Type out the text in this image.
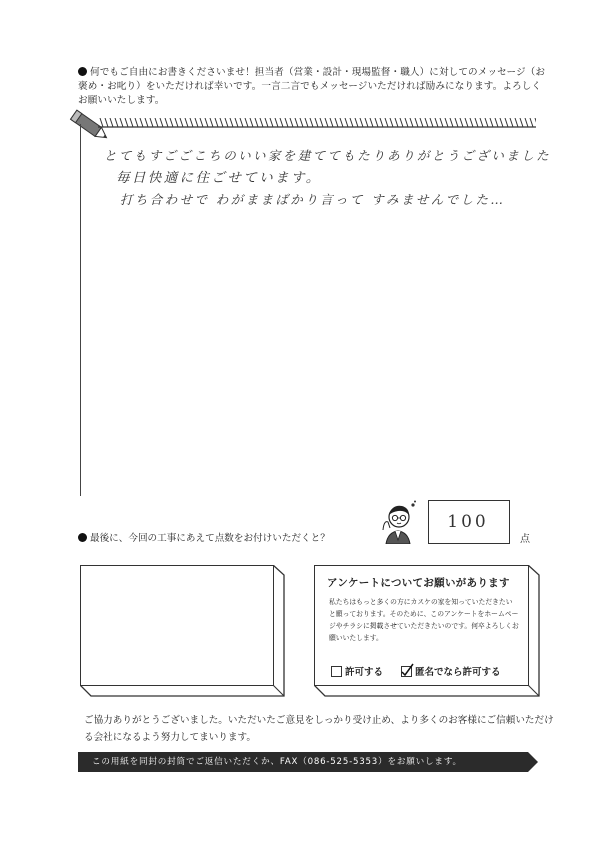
何でもご自由にお書きくださいませ！担当者（営業・設計・現場監督・職人）に対してのメッセージ（お褒め・お叱り）をいただければ幸いです。一言二言でもメッセージいただければ励みになります。よろしくお願いいたします。
とてもすごごこちのいい家を建ててもたりありがとうございました
毎日快適に住ごせています。
打ち合わせで わがままばかり言って すみませんでした…
最後に、今回の工事にあえて点数をお付けいただくと？
100
点
アンケートについてお願いがあります
私たちはもっと多くの方にカスケの家を知っていただきたいと願っております。そのために、このアンケートをホームページやチラシに掲載させていただきたいのです。何卒よろしくお願いいたします。
許可する	匿名でなら許可する
ご協力ありがとうございました。いただいたご意見をしっかり受け止め、より多くのお客様にご信頼いただける会社になるよう努力してまいります。
この用紙を同封の封筒でご返信いただくか、FAX（086-525-5353）をお願いします。
